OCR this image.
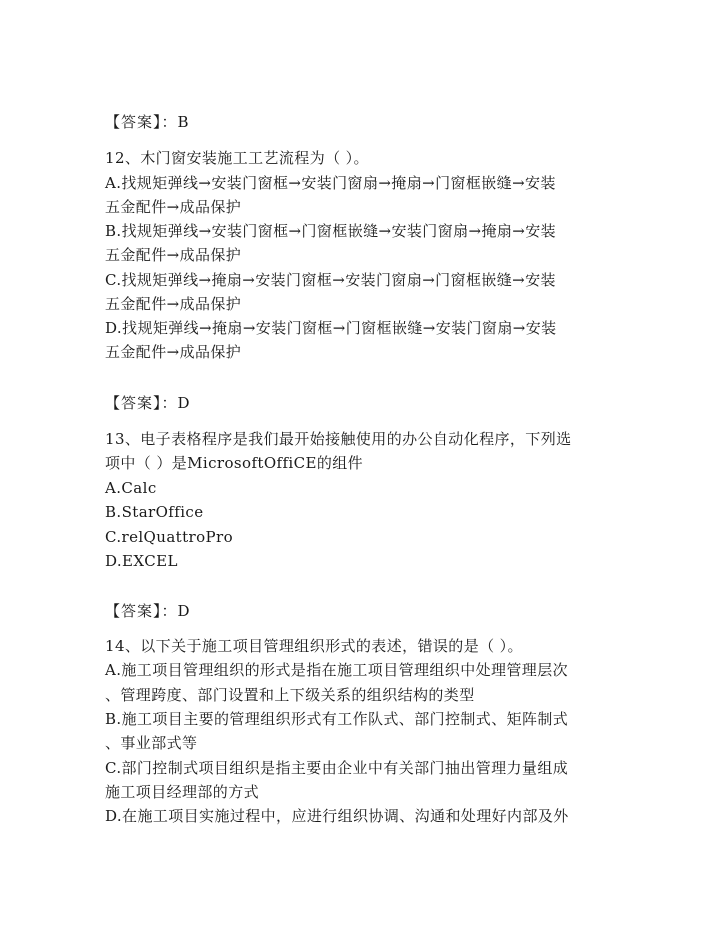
【答案】：B
12、木门窗安装施工工艺流程为（ ）。
A.找规矩弹线→安装门窗框→安装门窗扇→掩扇→门窗框嵌缝→安装
五金配件→成品保护
B.找规矩弹线→安装门窗框→门窗框嵌缝→安装门窗扇→掩扇→安装
五金配件→成品保护
C.找规矩弹线→掩扇→安装门窗框→安装门窗扇→门窗框嵌缝→安装
五金配件→成品保护
D.找规矩弹线→掩扇→安装门窗框→门窗框嵌缝→安装门窗扇→安装
五金配件→成品保护
【答案】：D
13、电子表格程序是我们最开始接触使用的办公自动化程序，下列选
项中（ ）是MicrosoftOffiCE的组件
A.Calc
B.StarOffice
C.relQuattroPro
D.EXCEL
【答案】：D
14、以下关于施工项目管理组织形式的表述，错误的是（ ）。
A.施工项目管理组织的形式是指在施工项目管理组织中处理管理层次
、管理跨度、部门设置和上下级关系的组织结构的类型
B.施工项目主要的管理组织形式有工作队式、部门控制式、矩阵制式
、事业部式等
C.部门控制式项目组织是指主要由企业中有关部门抽出管理力量组成
施工项目经理部的方式
D.在施工项目实施过程中，应进行组织协调、沟通和处理好内部及外
